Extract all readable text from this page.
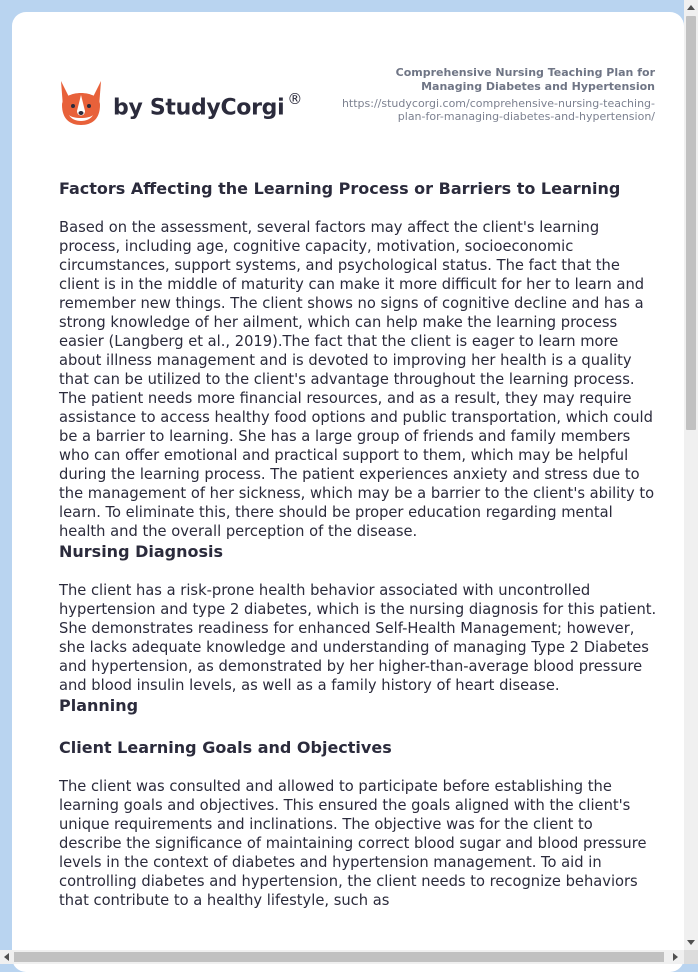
by StudyCorgi ®
Comprehensive Nursing Teaching Plan for Managing Diabetes and Hypertension
https://studycorgi.com/comprehensive-nursing-teaching-plan-for-managing-diabetes-and-hypertension/
Factors Affecting the Learning Process or Barriers to Learning

Based on the assessment, several factors may affect the client's learning process, including age, cognitive capacity, motivation, socioeconomic circumstances, support systems, and psychological status. The fact that the client is in the middle of maturity can make it more difficult for her to learn and remember new things. The client shows no signs of cognitive decline and has a strong knowledge of her ailment, which can help make the learning process easier (Langberg et al., 2019).The fact that the client is eager to learn more about illness management and is devoted to improving her health is a quality that can be utilized to the client's advantage throughout the learning process. The patient needs more financial resources, and as a result, they may require assistance to access healthy food options and public transportation, which could be a barrier to learning. She has a large group of friends and family members who can offer emotional and practical support to them, which may be helpful during the learning process. The patient experiences anxiety and stress due to the management of her sickness, which may be a barrier to the client's ability to learn. To eliminate this, there should be proper education regarding mental health and the overall perception of the disease.

Nursing Diagnosis

The client has a risk-prone health behavior associated with uncontrolled hypertension and type 2 diabetes, which is the nursing diagnosis for this patient. She demonstrates readiness for enhanced Self-Health Management; however, she lacks adequate knowledge and understanding of managing Type 2 Diabetes and hypertension, as demonstrated by her higher-than-average blood pressure and blood insulin levels, as well as a family history of heart disease.

Planning
Client Learning Goals and Objectives

The client was consulted and allowed to participate before establishing the learning goals and objectives. This ensured the goals aligned with the client's unique requirements and inclinations. The objective was for the client to describe the significance of maintaining correct blood sugar and blood pressure levels in the context of diabetes and hypertension management. To aid in controlling diabetes and hypertension, the client needs to recognize behaviors that contribute to a healthy lifestyle, such as
